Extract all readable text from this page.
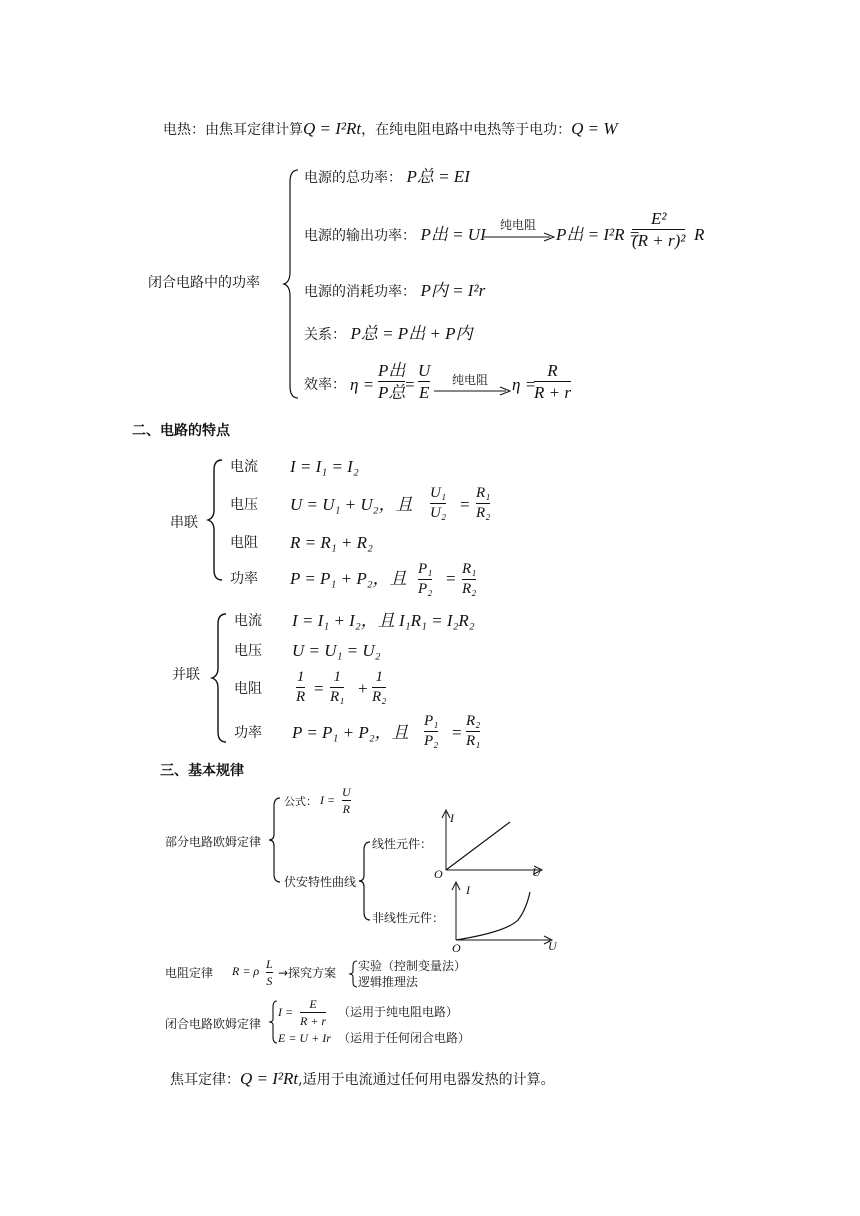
电热：由焦耳定律计算Q = I²Rt，在纯电阻电路中电热等于电功：Q = W
闭合电路中的功率
电源的总功率： P总 = EI
电源的输出功率： P出 = UI 纯电阻 P出 = I²R =
E²
(R + r)² R
电源的消耗功率： P内 = I²r
关系： P总 = P出 + P内
效率： η =
P出
P总 =
U
E
纯电阻 η =
R
R + r
二、电路的特点
串联
电流 I = I₁ = I₂
电压 U = U₁ + U₂，且
U₁
U₂ =
R₁
R₂
电阻 R = R₁ + R₂
功率 P = P₁ + P₂，且 P₁
P₂
= R₁
R₂
并联
电流 I = I₁ + I₂，且 I₁R₁ = I₂R₂
电压 U = U₁ = U₂
电阻
1
R =
1
R₁ +
1
R₂
功率 P = P₁ + P₂，且
P₁
P₂ =
R₂
R₁
三、基本规律
部分电路欧姆定律
公式： I =
U
R
伏安特性曲线
线性元件：
非线性元件：
I
U
O
I
U
O
电阻定律 R = ρ L
S
→探究方案 实验（控制变量法）
逻辑推理法
闭合电路欧姆定律
I =
E
R + r
（运用于纯电阻电路）
E = U + Ir （运用于任何闭合电路）
焦耳定律：Q = I²Rt,适用于电流通过任何用电器发热的计算。
